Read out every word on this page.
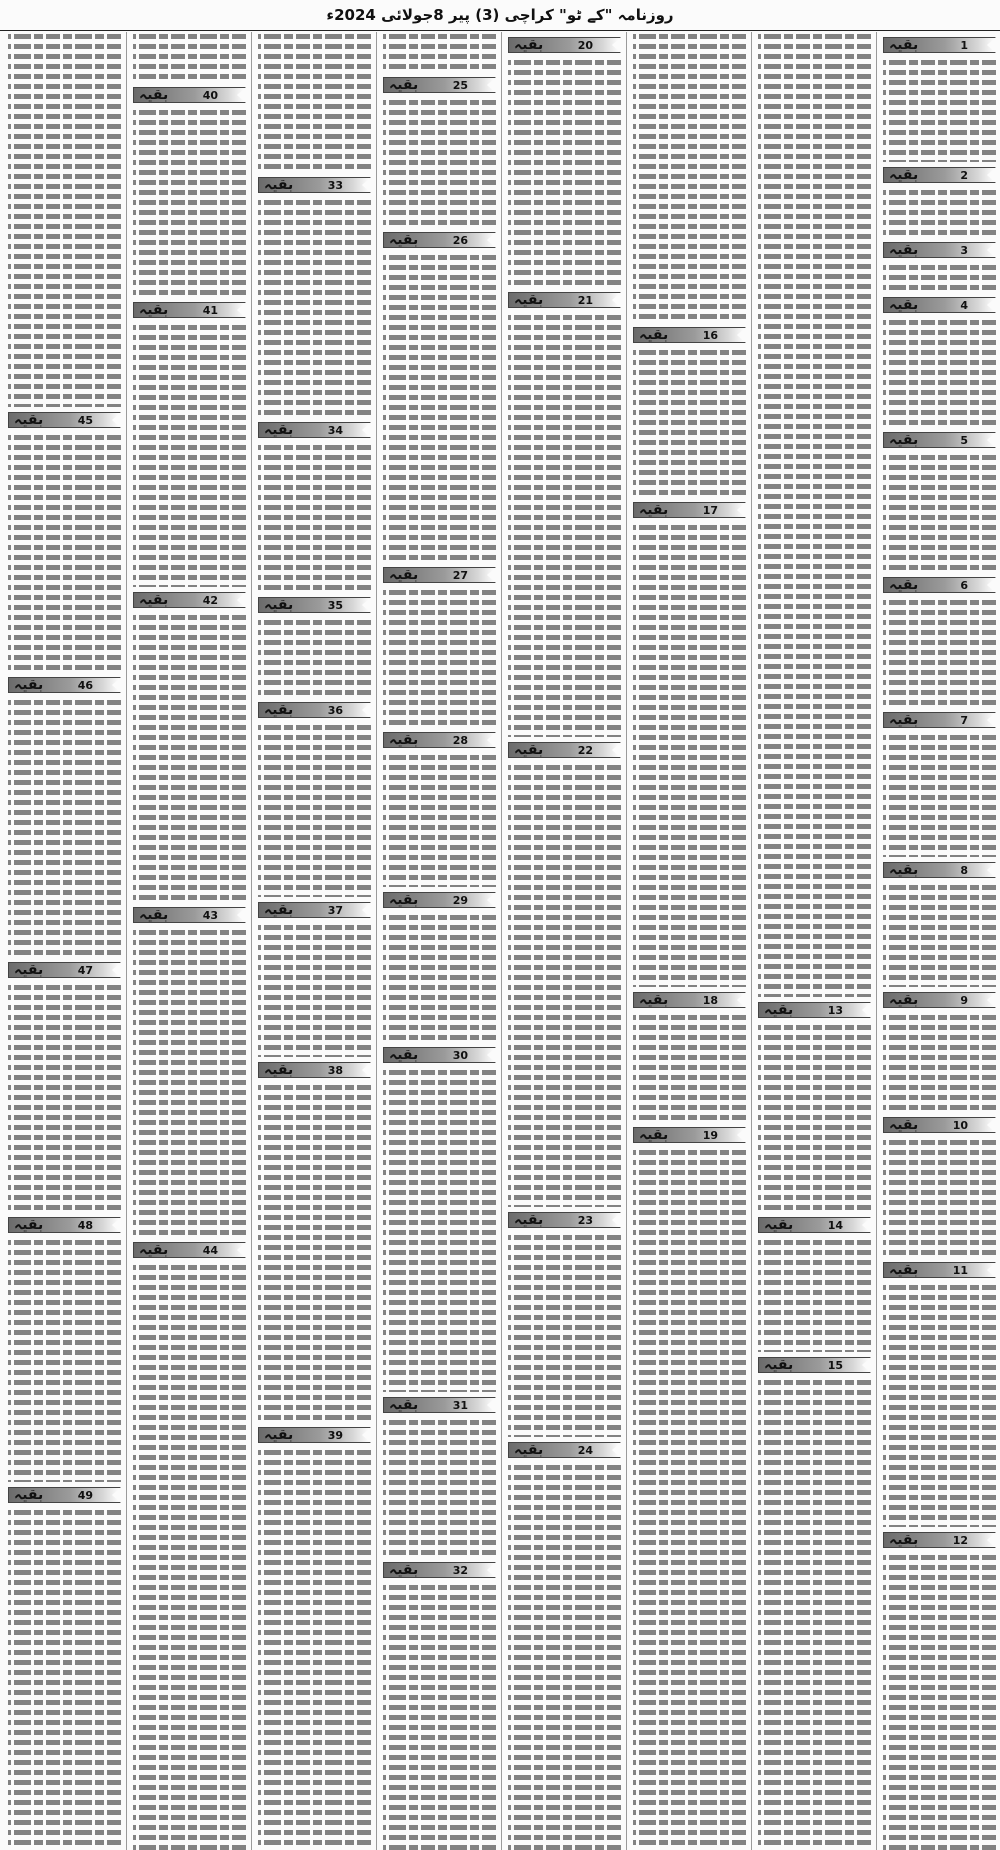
روزنامہ "کے ٹو" کراچی (3) پیر 8جولائی 2024ء
بقیہ	1
بقیہ	2
بقیہ	3
بقیہ	4
بقیہ	5
بقیہ	6
بقیہ	7
بقیہ	8
بقیہ	9
بقیہ	10
بقیہ	11
بقیہ	12
بقیہ	13
بقیہ	14
بقیہ	15
بقیہ	16
بقیہ	17
بقیہ	18
بقیہ	19
بقیہ	20
بقیہ	21
بقیہ	22
بقیہ	23
بقیہ	24
بقیہ	25
بقیہ	26
بقیہ	27
بقیہ	28
بقیہ	29
بقیہ	30
بقیہ	31
بقیہ	32
بقیہ	33
بقیہ	34
بقیہ	35
بقیہ	36
بقیہ	37
بقیہ	38
بقیہ	39
بقیہ	40
بقیہ	41
بقیہ	42
بقیہ	43
بقیہ	44
بقیہ	45
بقیہ	46
بقیہ	47
بقیہ	48
بقیہ	49
